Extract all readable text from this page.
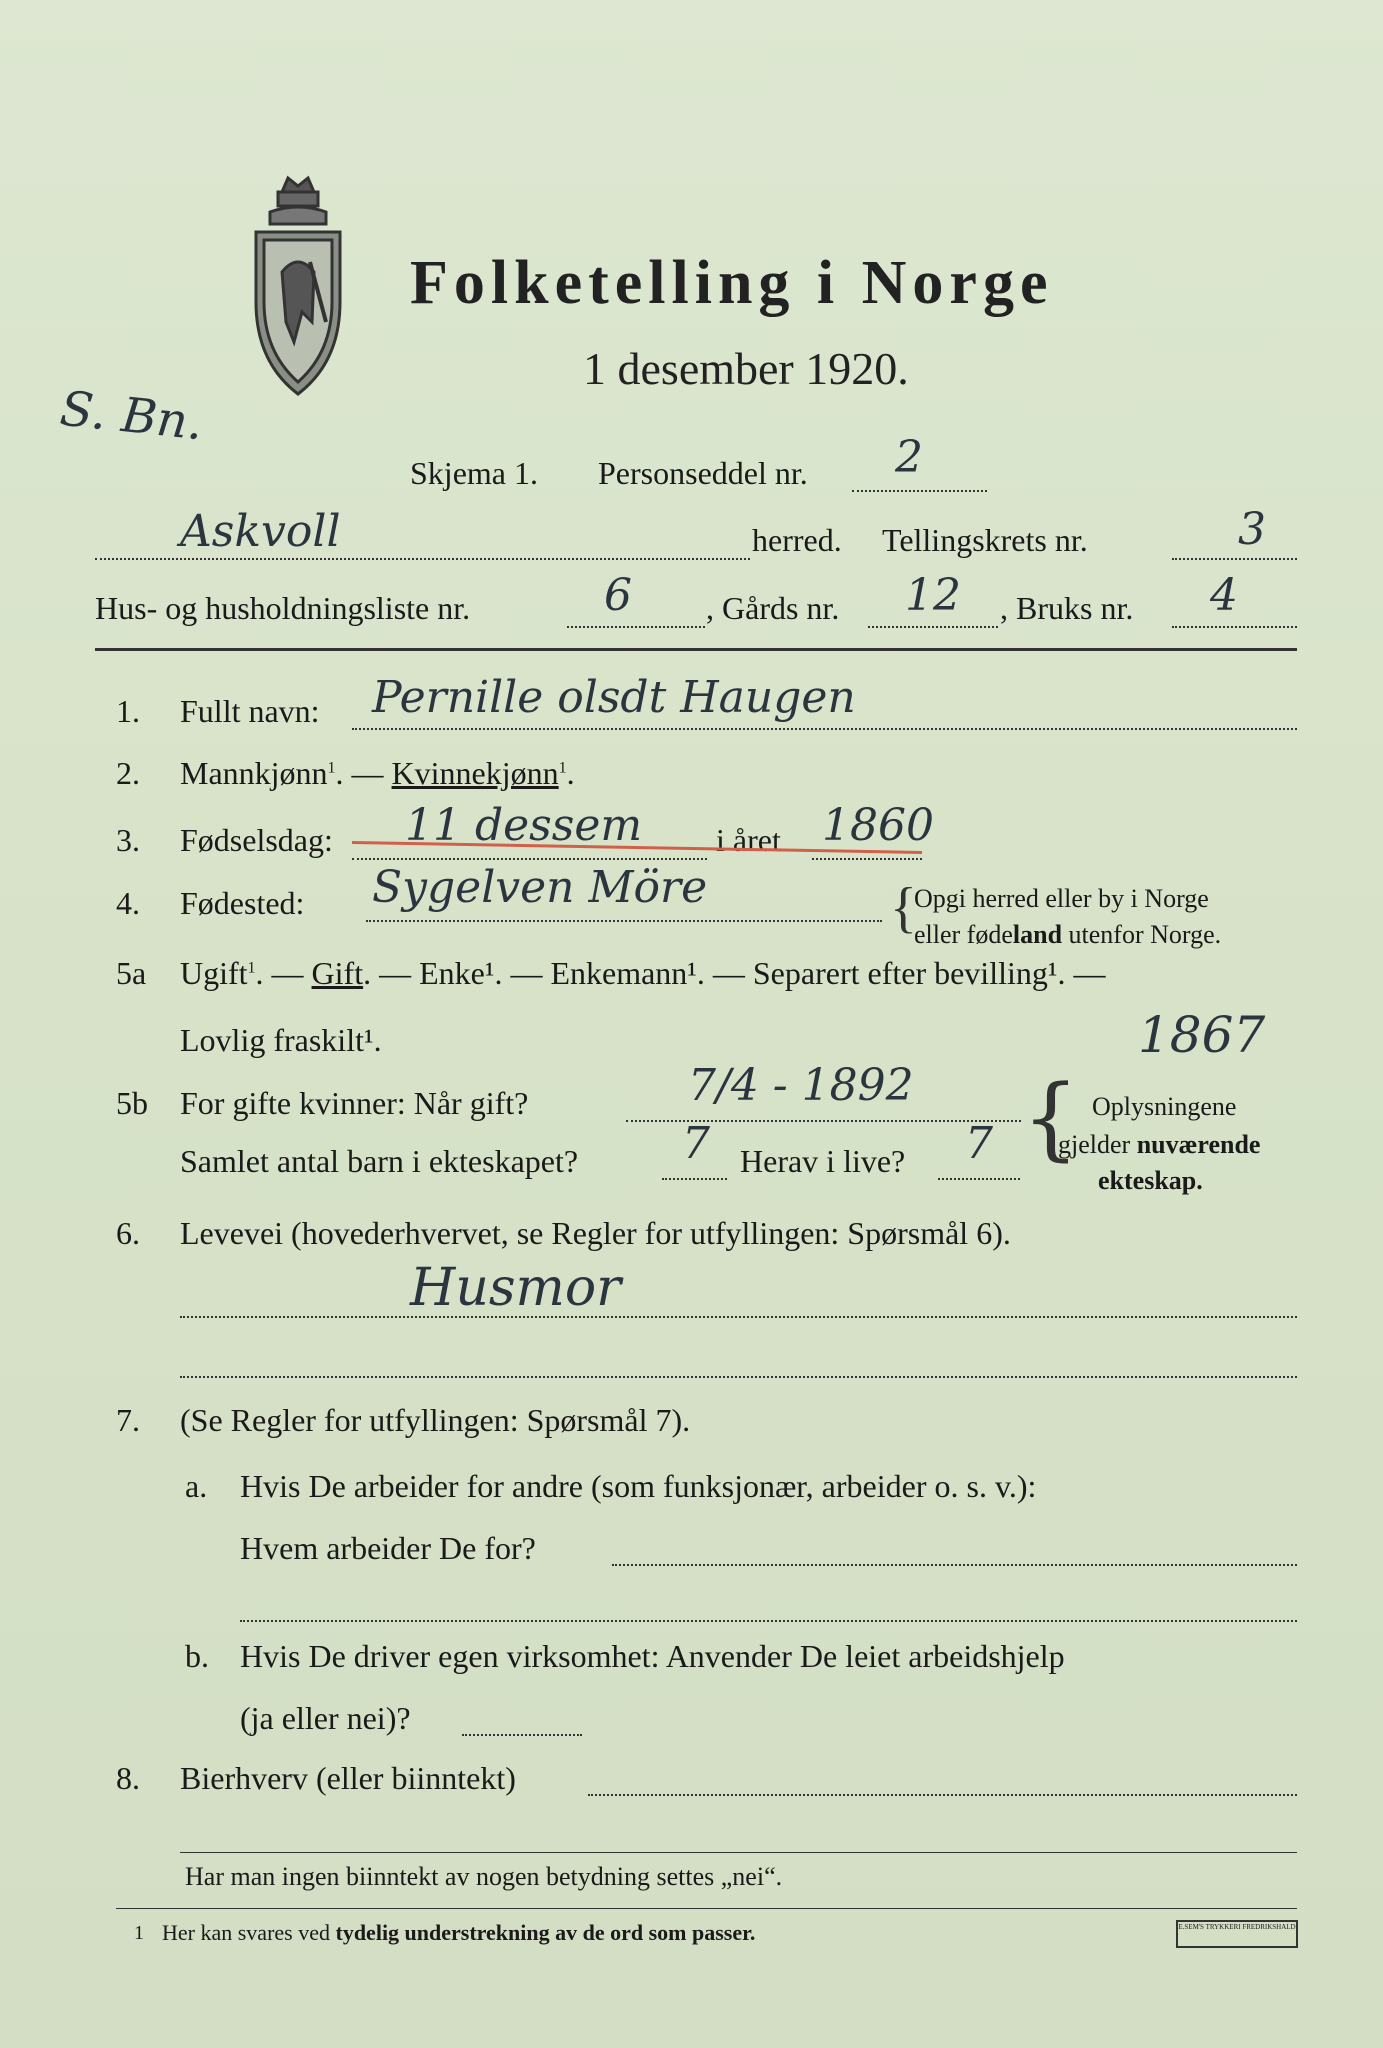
Folketelling i Norge
1 desember 1920.
S. Bn.
Skjema 1. Personseddel nr. 2
Askvoll	herred. Tellingskrets nr.	3
Hus- og husholdningsliste nr.	6 , Gårds nr. 12 , Bruks nr. 4
1. Fullt navn: Pernille olsdt Haugen
2. Mannkjønn$^1$. — Kvinnekjønn$^1$.
3. Fødselsdag: 11 dessem i året 1860
4. Fødested: Sygelven Möre	{
Opgi herred eller by i Norge
eller fødeland utenfor Norge.
5a Ugift$^1$. — Gift. — Enke¹. — Enkemann¹. — Separert efter bevilling¹. —
Lovlig fraskilt¹.	1867
5b For gifte kvinner: Når gift?	7/4 - 1892
Samlet antal barn i ekteskapet? 7 Herav i live? 7 { Oplysningene
gjelder nuværende
ekteskap.
6. Levevei (hovederhvervet, se Regler for utfyllingen: Spørsmål 6).
Husmor
7. (Se Regler for utfyllingen: Spørsmål 7).
a. Hvis De arbeider for andre (som funksjonær, arbeider o. s. v.):
Hvem arbeider De for?
b. Hvis De driver egen virksomhet: Anvender De leiet arbeidshjelp
(ja eller nei)?
8. Bierhverv (eller biinntekt)
Har man ingen biinntekt av nogen betydning settes „nei“.
1 Her kan svares ved tydelig understrekning av de ord som passer.	E.SEM'S TRYKKERI FREDRIKSHALD
